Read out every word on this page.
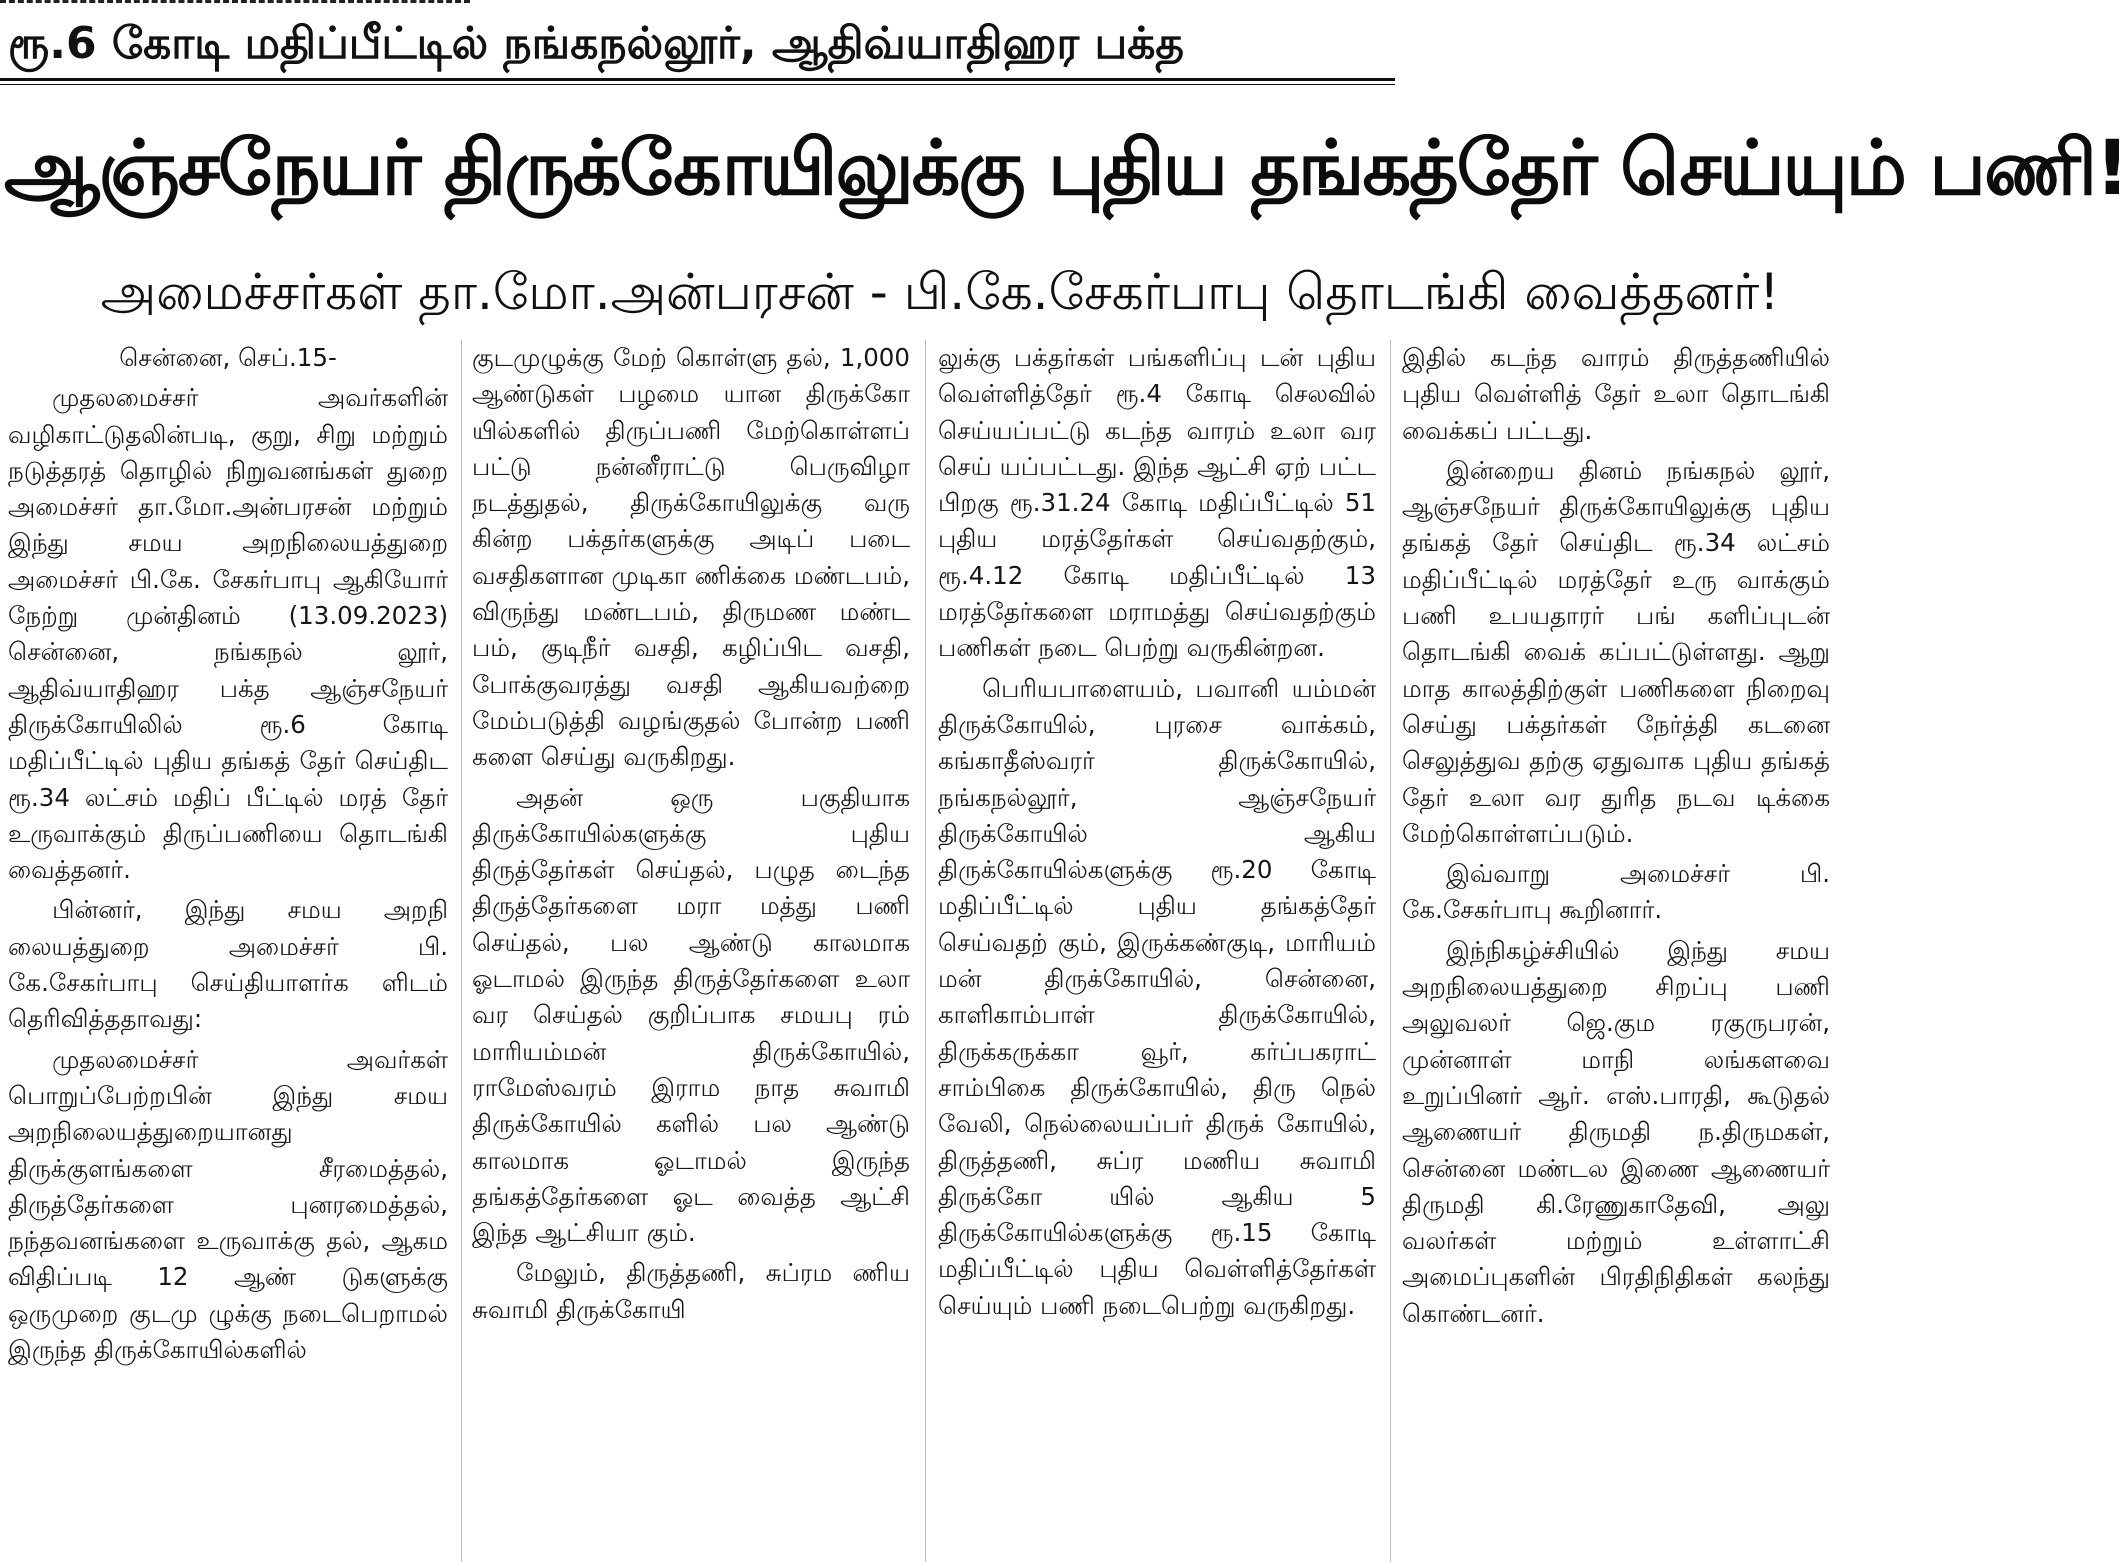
ரூ.6 கோடி மதிப்பீட்டில் நங்கநல்லூர், ஆதிவ்யாதிஹர பக்த
ஆஞ்சநேயர் திருக்கோயிலுக்கு புதிய தங்கத்தேர் செய்யும் பணி!
அமைச்சர்கள் தா.மோ.அன்பரசன் - பி.கே.சேகர்பாபு தொடங்கி வைத்தனர்!

சென்னை, செப்.15-

முதலமைச்சர் அவர்களின் வழிகாட்டுதலின்படி, குறு, சிறு மற்றும் நடுத்தரத் தொழில் நிறுவனங்கள் துறை அமைச்சர் தா.மோ.அன்பரசன் மற்றும் இந்து சமய அறநிலையத்துறை அமைச்சர் பி.கே. சேகர்பாபு ஆகியோர் நேற்று முன்தினம் (13.09.2023) சென்னை, நங்கநல் லூர், ஆதிவ்யாதிஹர பக்த ஆஞ்சநேயர் திருக்கோயிலில் ரூ.6 கோடி மதிப்பீட்டில் புதிய தங்கத் தேர் செய்திட ரூ.34 லட்சம் மதிப் பீட்டில் மரத் தேர் உருவாக்கும் திருப்பணியை தொடங்கி வைத்தனர்.

பின்னர், இந்து சமய அறநி லையத்துறை அமைச்சர் பி. கே.சேகர்பாபு செய்தியாளர்க ளிடம் தெரிவித்ததாவது:

முதலமைச்சர் அவர்கள் பொறுப்பேற்றபின் இந்து சமய அறநிலையத்துறையானது திருக்குளங்களை சீரமைத்தல், திருத்தேர்களை புனரமைத்தல், நந்தவனங்களை உருவாக்கு தல், ஆகம விதிப்படி 12 ஆண் டுகளுக்கு ஒருமுறை குடமு ழுக்கு நடைபெறாமல் இருந்த திருக்கோயில்களில்

குடமுழுக்கு மேற் கொள்ளு தல், 1,000 ஆண்டுகள் பழமை யான திருக்கோ யில்களில் திருப்பணி மேற்கொள்ளப் பட்டு நன்னீராட்டு பெருவிழா நடத்துதல், திருக்கோயிலுக்கு வரு கின்ற பக்தர்களுக்கு அடிப் படை வசதிகளான முடிகா ணிக்கை மண்டபம், விருந்து மண்டபம், திருமண மண்ட பம், குடிநீர் வசதி, கழிப்பிட வசதி, போக்குவரத்து வசதி ஆகியவற்றை மேம்படுத்தி வழங்குதல் போன்ற பணி களை செய்து வருகிறது.

அதன் ஒரு பகுதியாக திருக்கோயில்களுக்கு புதிய திருத்தேர்கள் செய்தல், பழுத டைந்த திருத்தேர்களை மரா மத்து பணி செய்தல், பல ஆண்டு காலமாக ஓடாமல் இருந்த திருத்தேர்களை உலா வர செய்தல் குறிப்பாக சமயபு ரம் மாரியம்மன் திருக்கோயில், ராமேஸ்வரம் இராம நாத சுவாமி திருக்கோயில் களில் பல ஆண்டு காலமாக ஓடாமல் இருந்த தங்கத்தேர்களை ஓட வைத்த ஆட்சி இந்த ஆட்சியா கும்.

மேலும், திருத்தணி, சுப்ரம ணிய சுவாமி திருக்கோயி

லுக்கு பக்தர்கள் பங்களிப்பு டன் புதிய வெள்ளித்தேர் ரூ.4 கோடி செலவில் செய்யப்பட்டு கடந்த வாரம் உலா வர செய் யப்பட்டது. இந்த ஆட்சி ஏற் பட்ட பிறகு ரூ.31.24 கோடி மதிப்பீட்டில் 51 புதிய மரத்தேர்கள் செய்வதற்கும், ரூ.4.12 கோடி மதிப்பீட்டில் 13 மரத்தேர்களை மராமத்து செய்வதற்கும் பணிகள் நடை பெற்று வருகின்றன.

பெரியபாளையம், பவானி யம்மன் திருக்கோயில், புரசை வாக்கம், கங்காதீஸ்வரர் திருக்கோயில், நங்கநல்லூர், ஆஞ்சநேயர் திருக்கோயில் ஆகிய திருக்கோயில்களுக்கு ரூ.20 கோடி மதிப்பீட்டில் புதிய தங்கத்தேர் செய்வதற் கும், இருக்கண்குடி, மாரியம் மன் திருக்கோயில், சென்னை, காளிகாம்பாள் திருக்கோயில், திருக்கருக்கா வூர், கர்ப்பகராட் சாம்பிகை திருக்கோயில், திரு நெல் வேலி, நெல்லையப்பர் திருக் கோயில், திருத்தணி, சுப்ர மணிய சுவாமி திருக்கோ யில் ஆகிய 5 திருக்கோயில்களுக்கு ரூ.15 கோடி மதிப்பீட்டில் புதிய வெள்ளித்தேர்கள் செய்யும் பணி நடைபெற்று வருகிறது.

இதில் கடந்த வாரம் திருத்தணியில் புதிய வெள்ளித் தேர் உலா தொடங்கி வைக்கப் பட்டது.

இன்றைய தினம் நங்கநல் லூர், ஆஞ்சநேயர் திருக்கோயிலுக்கு புதிய தங்கத் தேர் செய்திட ரூ.34 லட்சம் மதிப்பீட்டில் மரத்தேர் உரு வாக்கும் பணி உபயதாரர் பங் களிப்புடன் தொடங்கி வைக் கப்பட்டுள்ளது. ஆறு மாத காலத்திற்குள் பணிகளை நிறைவு செய்து பக்தர்கள் நேர்த்தி கடனை செலுத்துவ தற்கு ஏதுவாக புதிய தங்கத் தேர் உலா வர துரித நடவ டிக்கை மேற்கொள்ளப்படும்.

இவ்வாறு அமைச்சர் பி. கே.சேகர்பாபு கூறினார்.

இந்நிகழ்ச்சியில் இந்து சமய அறநிலையத்துறை சிறப்பு பணி அலுவலர் ஜெ.கும ரகுருபரன், முன்னாள் மாநி லங்களவை உறுப்பினர் ஆர். எஸ்.பாரதி, கூடுதல் ஆணையர் திருமதி ந.திருமகள், சென்னை மண்டல இணை ஆணையர் திருமதி கி.ரேணுகாதேவி, அலு வலர்கள் மற்றும் உள்ளாட்சி அமைப்புகளின் பிரதிநிதிகள் கலந்து கொண்டனர்.
